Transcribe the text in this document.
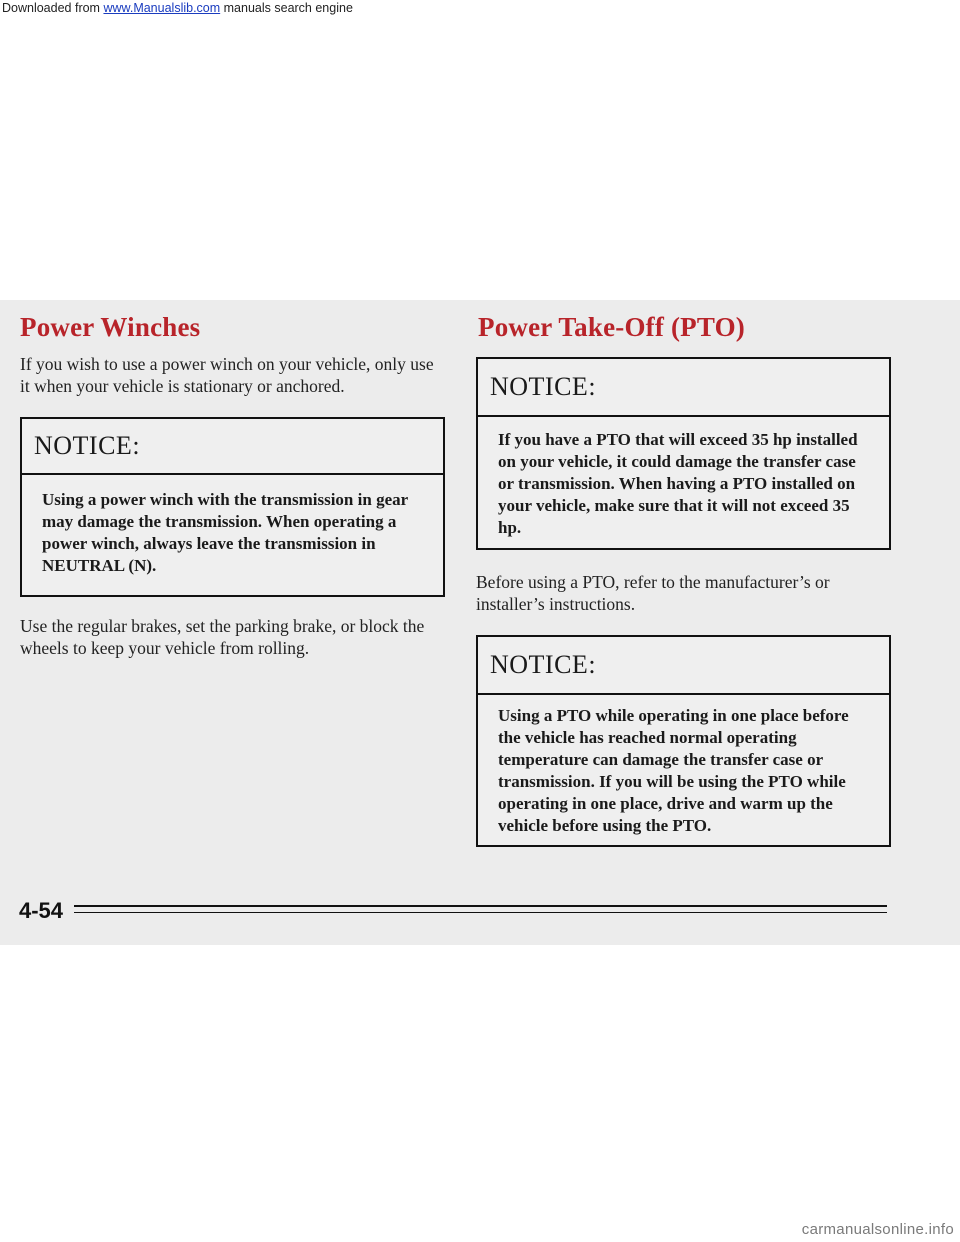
Downloaded from www.Manualslib.com manuals search engine
Power Winches

If you wish to use a power winch on your vehicle, only use it when your vehicle is stationary or anchored.

NOTICE:
Using a power winch with the transmission in gear may damage the transmission. When operating a power winch, always leave the transmission in NEUTRAL (N).

Use the regular brakes, set the parking brake, or block the wheels to keep your vehicle from rolling.

Power Take-Off (PTO)
NOTICE:
If you have a PTO that will exceed 35 hp installed on your vehicle, it could damage the transfer case or transmission. When having a PTO installed on your vehicle, make sure that it will not exceed 35 hp.

Before using a PTO, refer to the manufacturer’s or installer’s instructions.

NOTICE:
Using a PTO while operating in one place before the vehicle has reached normal operating temperature can damage the transfer case or transmission. If you will be using the PTO while operating in one place, drive and warm up the vehicle before using the PTO.
4-54
carmanualsonline.info
